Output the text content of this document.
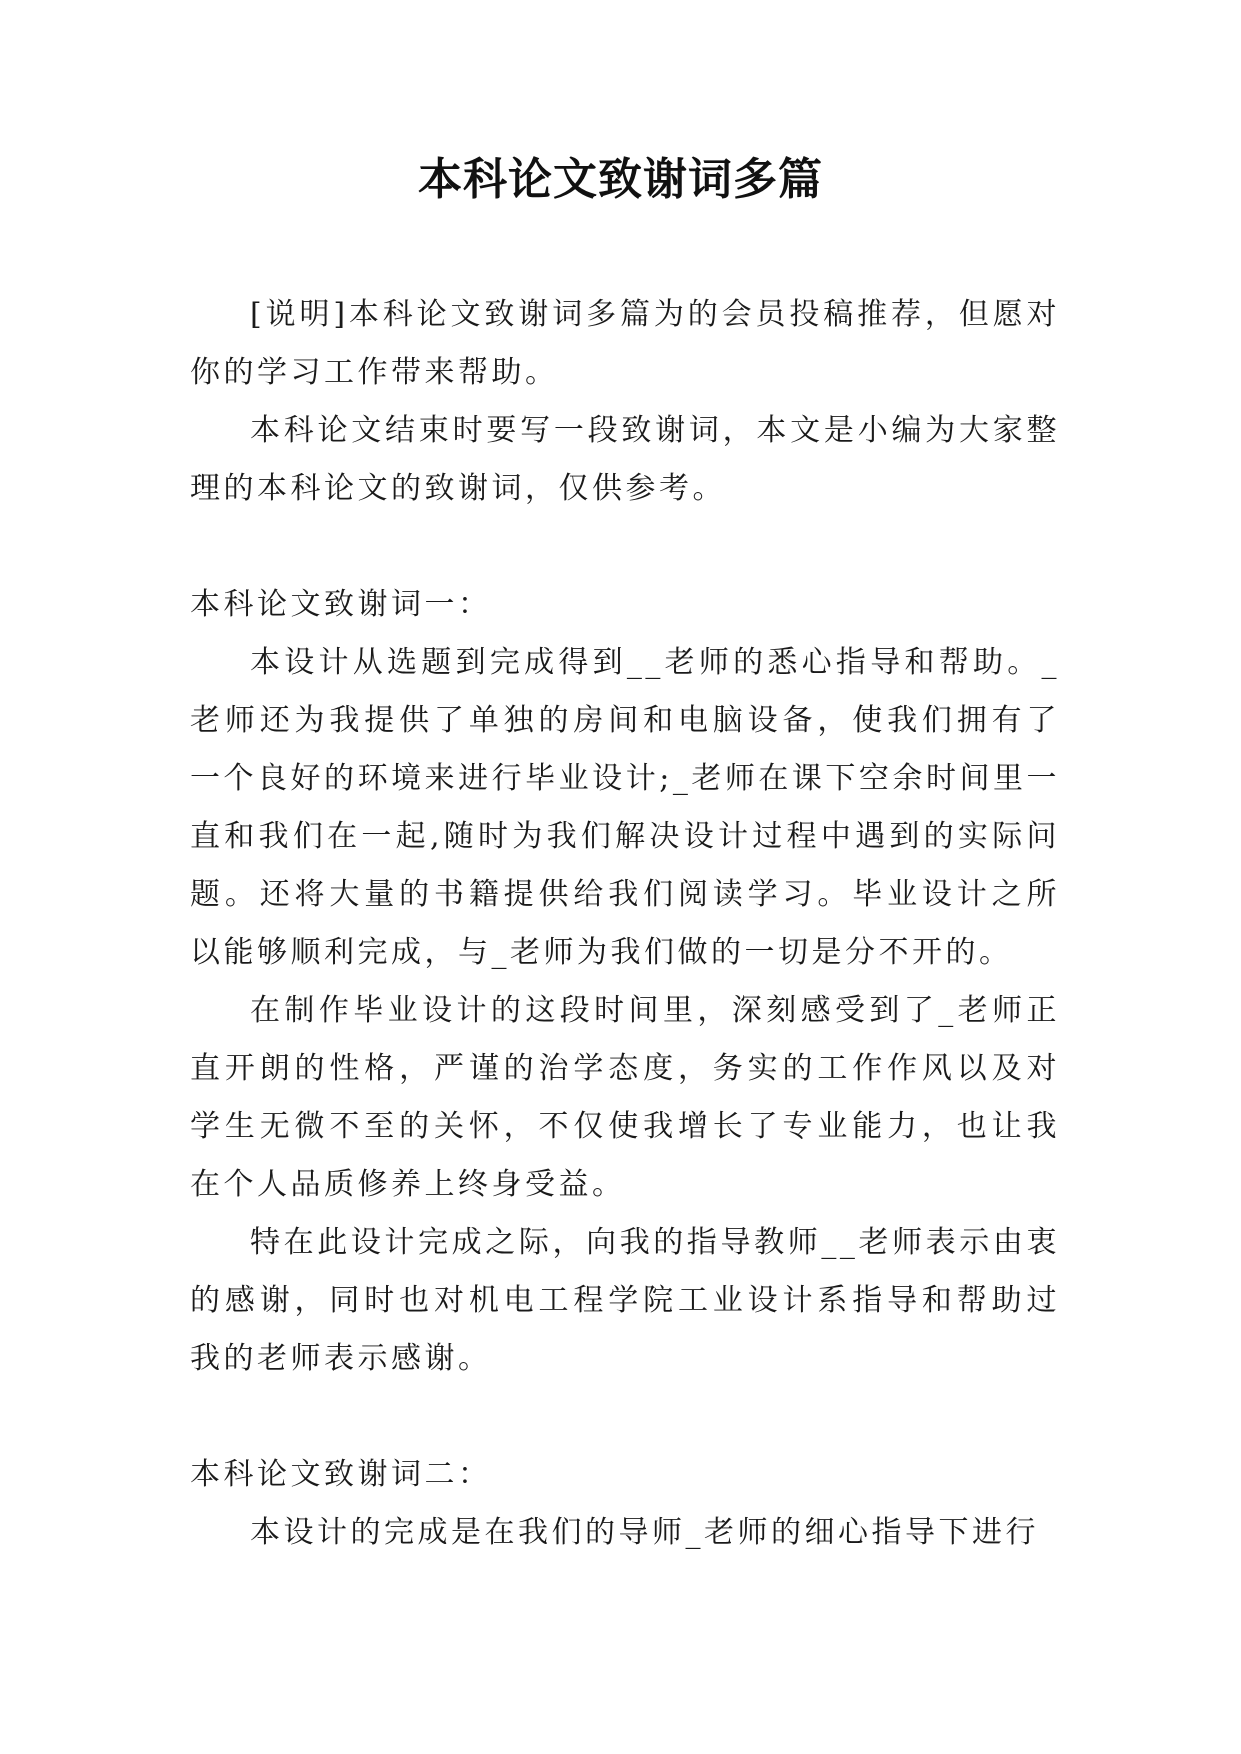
本科论文致谢词多篇

[说明]本科论文致谢词多篇为的会员投稿推荐，但愿对你的学习工作带来帮助。

本科论文结束时要写一段致谢词，本文是小编为大家整理的本科论文的致谢词，仅供参考。

本科论文致谢词一：

本设计从选题到完成得到__老师的悉心指导和帮助。_老师还为我提供了单独的房间和电脑设备，使我们拥有了一个良好的环境来进行毕业设计;_老师在课下空余时间里一直和我们在一起,随时为我们解决设计过程中遇到的实际问题。还将大量的书籍提供给我们阅读学习。毕业设计之所以能够顺利完成，与_老师为我们做的一切是分不开的。

在制作毕业设计的这段时间里，深刻感受到了_老师正直开朗的性格，严谨的治学态度，务实的工作作风以及对学生无微不至的关怀，不仅使我增长了专业能力，也让我在个人品质修养上终身受益。

特在此设计完成之际，向我的指导教师__老师表示由衷的感谢，同时也对机电工程学院工业设计系指导和帮助过我的老师表示感谢。

本科论文致谢词二：

本设计的完成是在我们的导师_老师的细心指导下进行
